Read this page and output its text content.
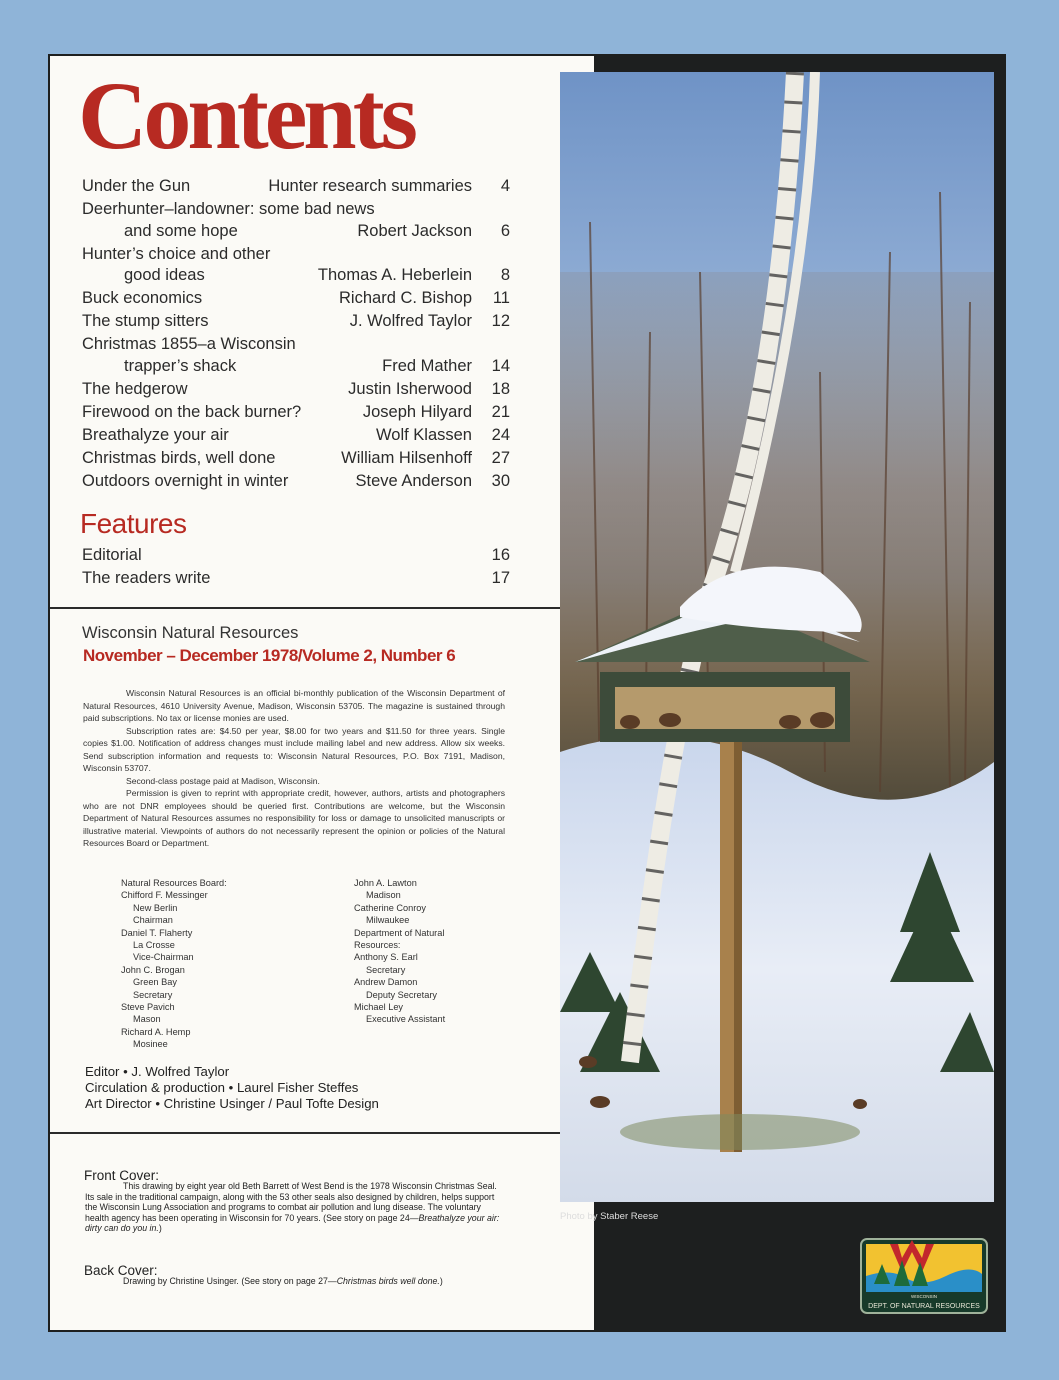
Contents
Under the Gun	Hunter research summaries	4
Deerhunter–landowner: some bad news
and some hope	Robert Jackson	6
Hunter’s choice and other
good ideas	Thomas A. Heberlein	8
Buck economics	Richard C. Bishop	11
The stump sitters	J. Wolfred Taylor	12
Christmas 1855–a Wisconsin
trapper’s shack	Fred Mather	14
The hedgerow	Justin Isherwood	18
Firewood on the back burner?	Joseph Hilyard	21
Breathalyze your air	Wolf Klassen	24
Christmas birds, well done	William Hilsenhoff	27
Outdoors overnight in winter	Steve Anderson	30
Features
Editorial	16
The readers write	17
Wisconsin Natural Resources
November – December 1978/Volume 2, Number 6

Wisconsin Natural Resources is an official bi-monthly publication of the Wisconsin Department of Natural Resources, 4610 University Avenue, Madison, Wisconsin 53705. The magazine is sustained through paid subscriptions. No tax or license monies are used.

Subscription rates are: $4.50 per year, $8.00 for two years and $11.50 for three years. Single copies $1.00. Notification of address changes must include mailing label and new address. Allow six weeks. Send subscription information and requests to: Wisconsin Natural Resources, P.O. Box 7191, Madison, Wisconsin 53707.

Second-class postage paid at Madison, Wisconsin.

Permission is given to reprint with appropriate credit, however, authors, artists and photographers who are not DNR employees should be queried first. Contributions are welcome, but the Wisconsin Department of Natural Resources assumes no responsibility for loss or damage to unsolicited manuscripts or illustrative material. Viewpoints of authors do not necessarily represent the opinion or policies of the Natural Resources Board or Department.

Natural Resources Board:
Chifford F. Messinger
New Berlin
Chairman
Daniel T. Flaherty
La Crosse
Vice-Chairman
John C. Brogan
Green Bay
Secretary
Steve Pavich
Mason
Richard A. Hemp
Mosinee
John A. Lawton
Madison
Catherine Conroy
Milwaukee
Department of Natural
Resources:
Anthony S. Earl
Secretary
Andrew Damon
Deputy Secretary
Michael Ley
Executive Assistant
Editor • J. Wolfred Taylor
Circulation & production • Laurel Fisher Steffes
Art Director • Christine Usinger / Paul Tofte Design
Front Cover:

This drawing by eight year old Beth Barrett of West Bend is the 1978 Wisconsin Christmas Seal. Its sale in the traditional campaign, along with the 53 other seals also designed by children, helps support the Wisconsin Lung Association and programs to combat air pollution and lung disease. The voluntary health agency has been operating in Wisconsin for 70 years. (See story on page 24—Breathalyze your air: dirty can do you in.)

Back Cover:

Drawing by Christine Usinger. (See story on page 27—Christmas birds well done.)

Photo by Staber Reese
WISCONSIN
DEPT. OF NATURAL RESOURCES
